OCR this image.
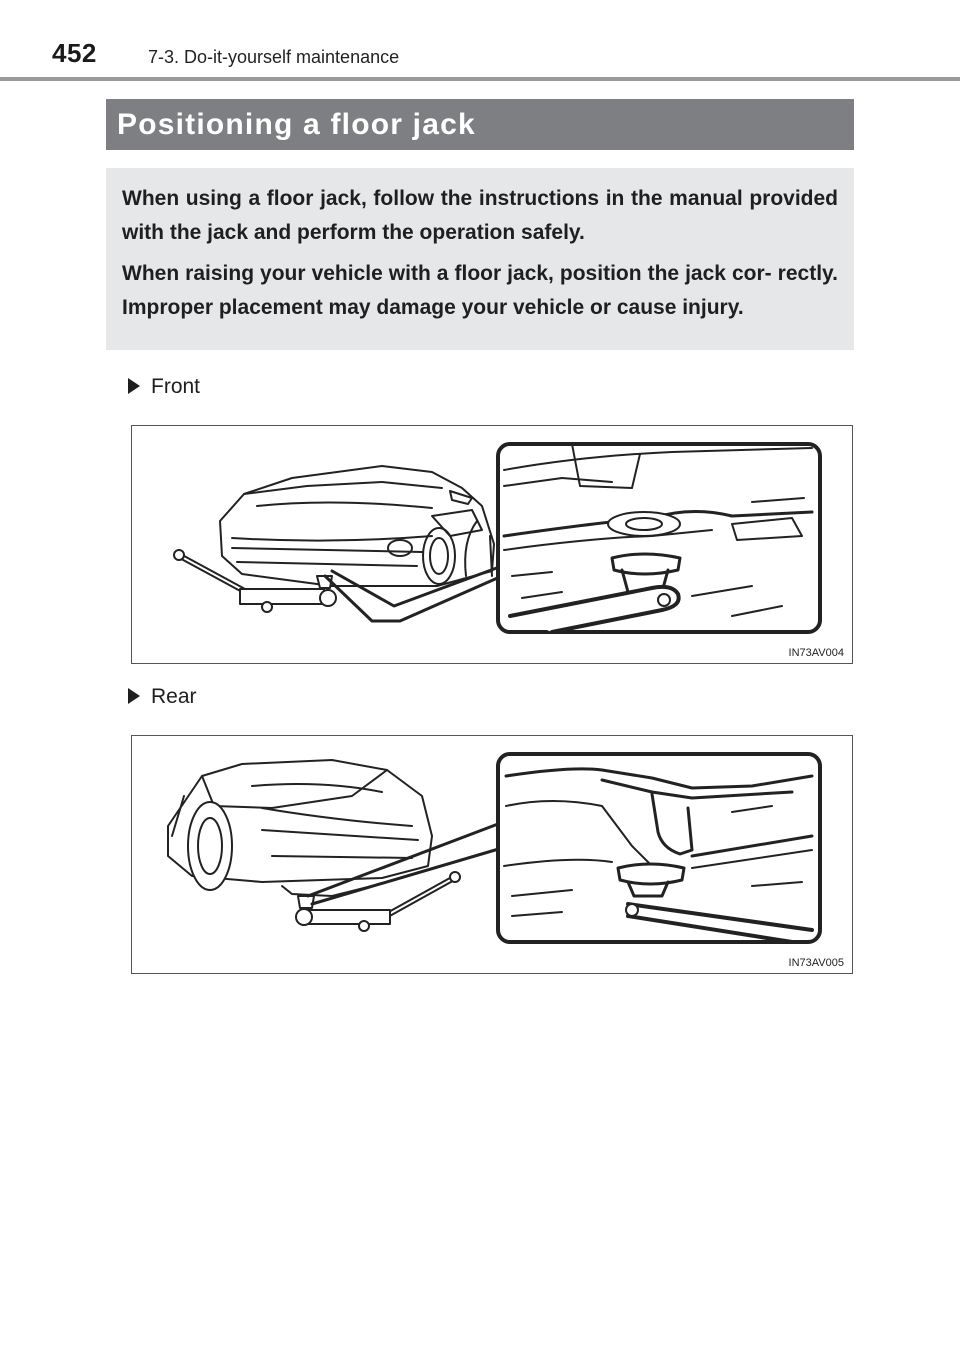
452	7-3. Do-it-yourself maintenance
Positioning a floor jack

When using a floor jack, follow the instructions in the manual provided with the jack and perform the operation safely.

When raising your vehicle with a floor jack, position the jack cor- rectly. Improper placement may damage your vehicle or cause injury.

Front
IN73AV004
Rear
IN73AV005
